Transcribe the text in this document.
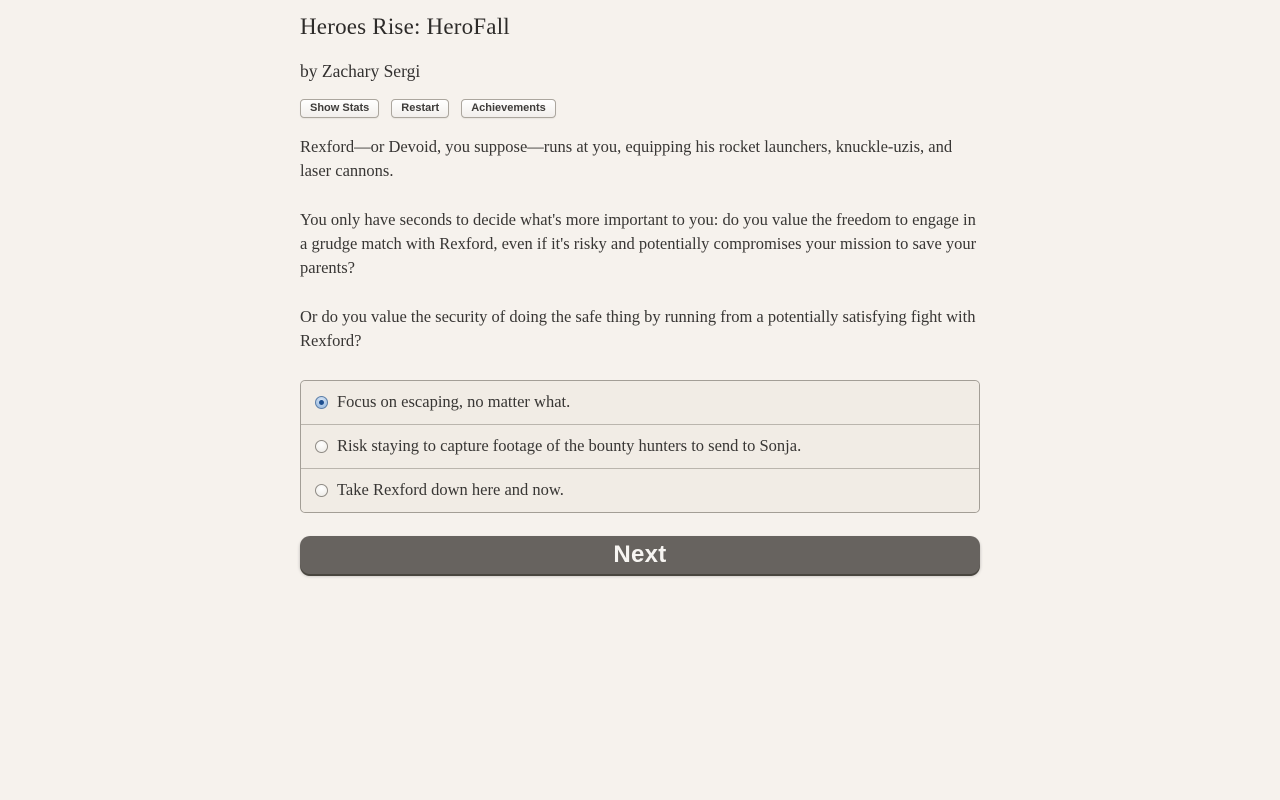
Heroes Rise: HeroFall
by Zachary Sergi
Show Stats	Restart	Achievements

Rexford—or Devoid, you suppose—runs at you, equipping his rocket launchers, knuckle-uzis, and laser cannons.

You only have seconds to decide what's more important to you: do you value the freedom to engage in a grudge match with Rexford, even if it's risky and potentially compromises your mission to save your parents?

Or do you value the security of doing the safe thing by running from a potentially satisfying fight with Rexford?

Focus on escaping, no matter what.
Risk staying to capture footage of the bounty hunters to send to Sonja.
Take Rexford down here and now.
Next
